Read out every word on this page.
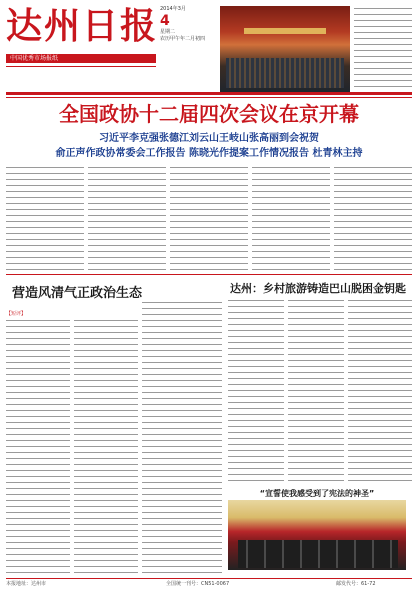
达州日报
中国优秀市场报纸
2014年3月
4
星期二
农历甲午年二月初四
全国政协十二届四次会议在京开幕
习近平李克强张德江刘云山王岐山张高丽到会祝贺
俞正声作政协常委会工作报告 陈晓光作提案工作情况报告 杜青林主持
营造风清气正政治生态
【短评】
达州：乡村旅游铸造巴山脱困金钥匙
“宣誓使我感受到了宪法的神圣”
本报地址：达州市	全国统一刊号：CN51-0067	邮发代号：61-72
